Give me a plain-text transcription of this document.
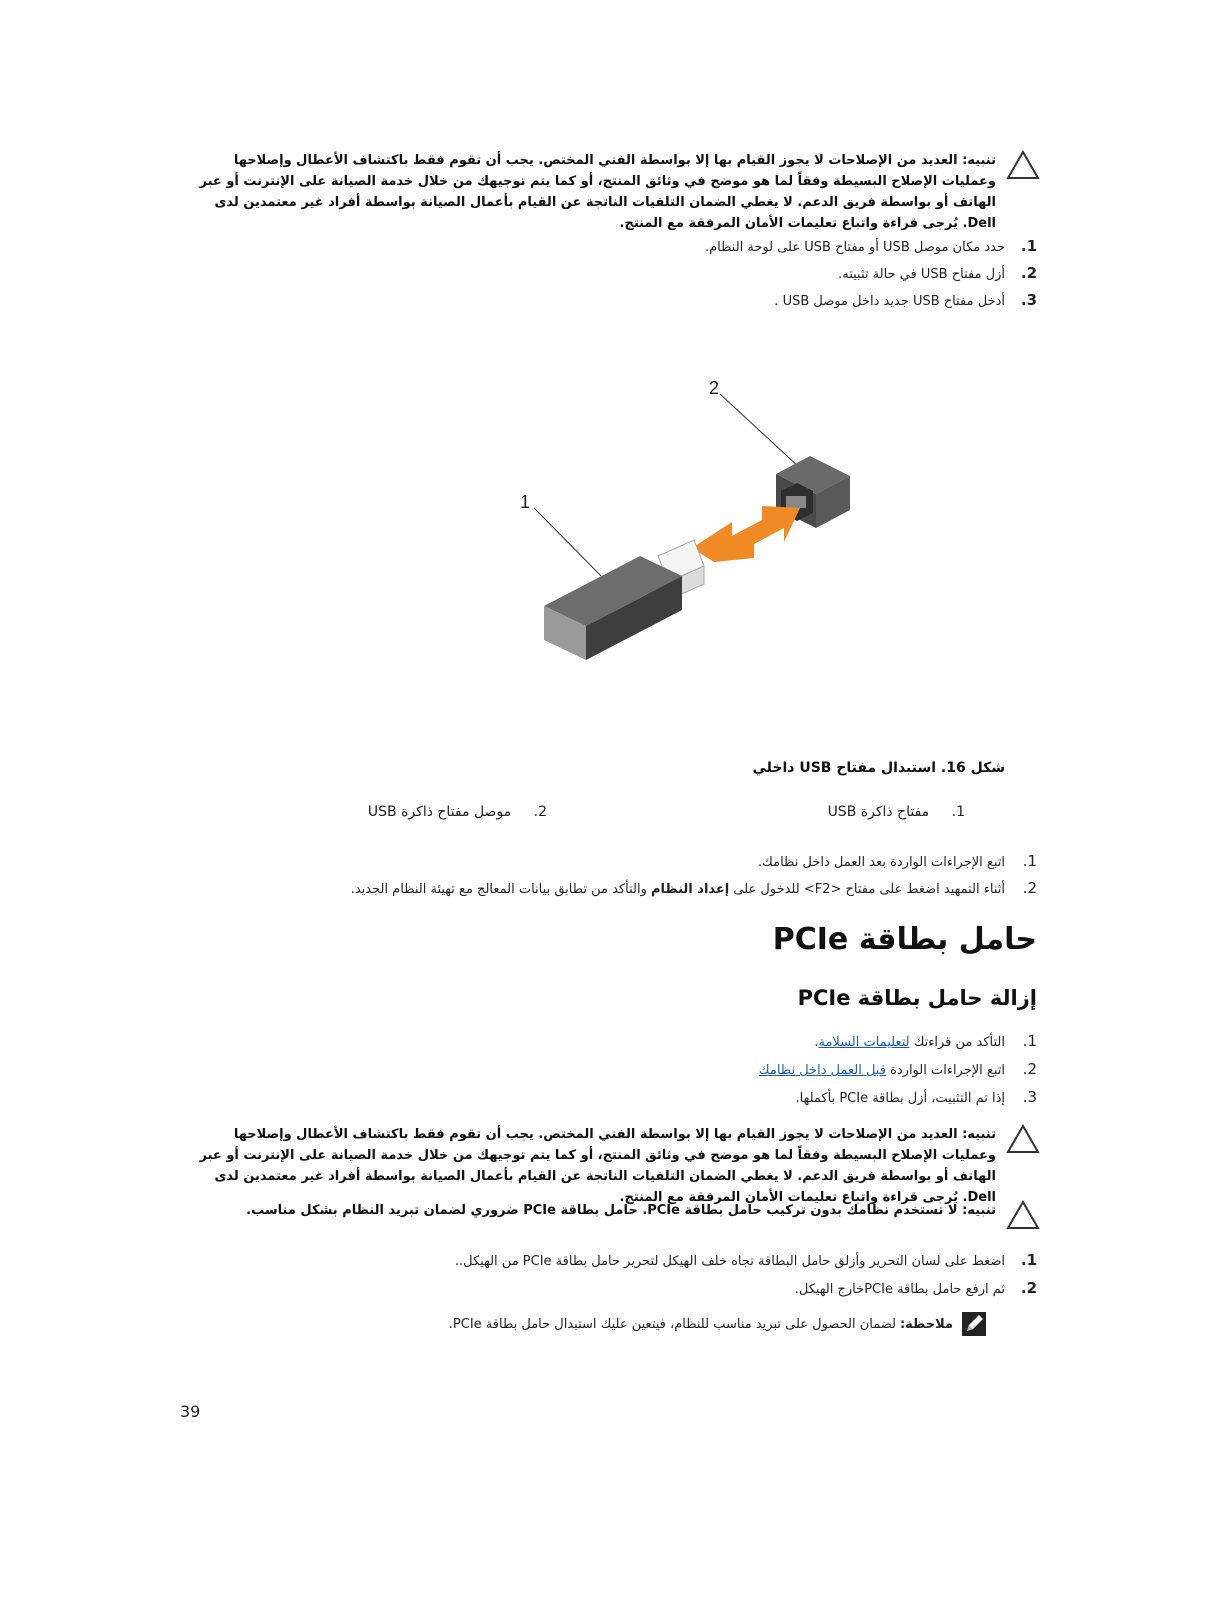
تنبيه: العديد من الإصلاحات لا يجوز القيام بها إلا بواسطة الفني المختص. يجب أن تقوم فقط باكتشاف الأعطال وإصلاحها وعمليات الإصلاح البسيطة وفقاً لما هو موضح في وثائق المنتج، أو كما يتم توجيهك من خلال خدمة الصيانة على الإنترنت أو عبر الهاتف أو بواسطة فريق الدعم. لا يغطي الضمان التلفيات الناتجة عن القيام بأعمال الصيانة بواسطة أفراد غير معتمدين لدى Dell. يُرجى قراءة واتباع تعليمات الأمان المرفقة مع المنتج.
1.
حدد مكان موصل USB أو مفتاح USB على لوحة النظام.
2.
أزل مفتاح USB في حالة تثبيته.
3.
أدخل مفتاح USB جديد داخل موصل USB .
2
1
شكل 16. استبدال مفتاح USB داخلي
1. مفتاح ذاكرة USB
2. موصل مفتاح ذاكرة USB
1.
اتبع الإجراءات الواردة بعد العمل داخل نظامك.
2.
أثناء التمهيد اضغط على مفتاح <F2> للدخول على إعداد النظام والتأكد من تطابق بيانات المعالج مع تهيئة النظام الجديد.
حامل بطاقة PCIe
إزالة حامل بطاقة PCIe
1.
التأكد من قراءتك لتعليمات السلامة.
2.
اتبع الإجراءات الواردة قبل العمل داخل نظامك
3.
إذا تم التثبيت، أزل بطاقة PCIe بأكملها.
تنبيه: العديد من الإصلاحات لا يجوز القيام بها إلا بواسطة الفني المختص. يجب أن تقوم فقط باكتشاف الأعطال وإصلاحها وعمليات الإصلاح البسيطة وفقاً لما هو موضح في وثائق المنتج، أو كما يتم توجيهك من خلال خدمة الصيانة على الإنترنت أو عبر الهاتف أو بواسطة فريق الدعم. لا يغطي الضمان التلفيات الناتجة عن القيام بأعمال الصيانة بواسطة أفراد غير معتمدين لدى Dell. يُرجى قراءة واتباع تعليمات الأمان المرفقة مع المنتج.
تنبيه: لا تستخدم نظامك بدون تركيب حامل بطاقة PCIe. حامل بطاقة PCIe ضروري لضمان تبريد النظام بشكل مناسب.
1.
اضغط على لسان التحرير وأزلق حامل البطاقة تجاه خلف الهيكل لتحرير حامل بطاقة PCIe من الهيكل..
2.
ثم ارفع حامل بطاقة PCIeخارج الهيكل.
ملاحظة:
لضمان الحصول على تبريد مناسب للنظام، فيتعين عليك استبدال حامل بطاقة PCIe.
39
